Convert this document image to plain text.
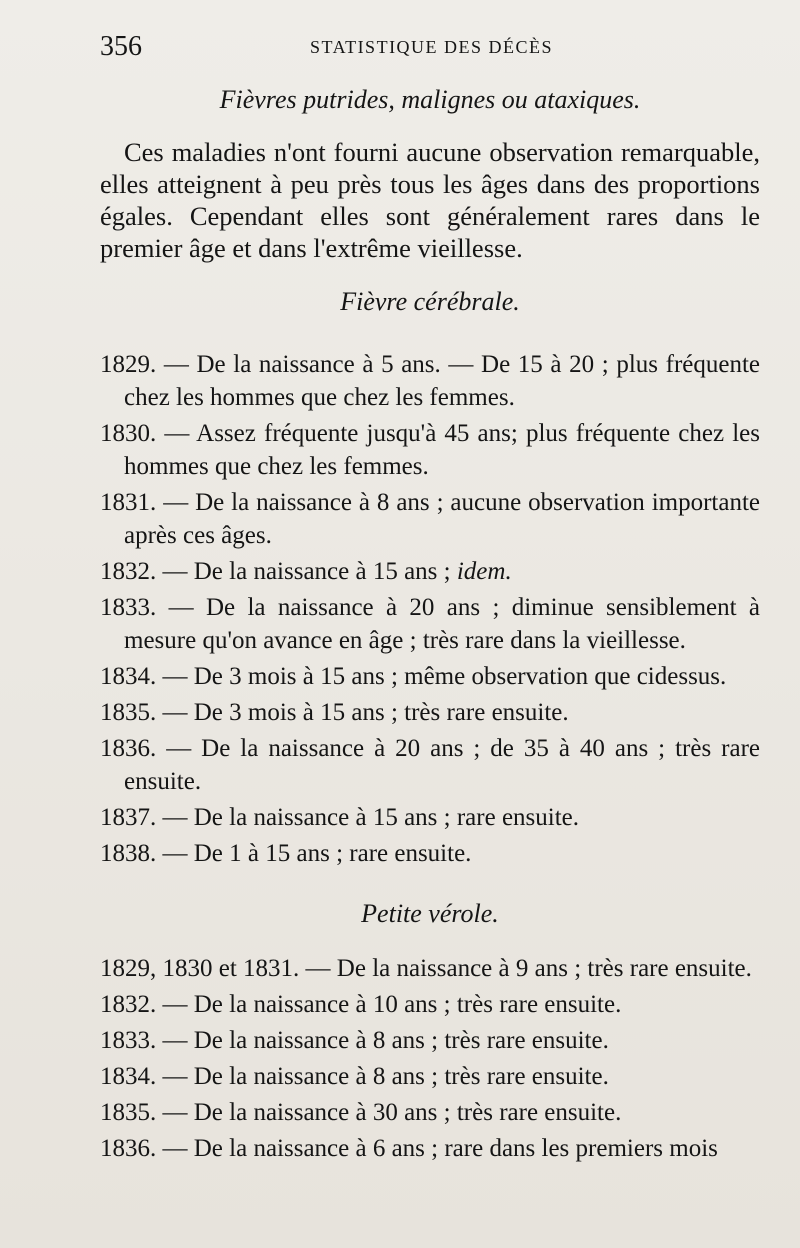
356	STATISTIQUE DES DÉCÈS
Fièvres putrides, malignes ou ataxiques.

Ces maladies n'ont fourni aucune observation remarquable, elles atteignent à peu près tous les âges dans des proportions égales. Cependant elles sont généralement rares dans le premier âge et dans l'extrême vieillesse.

Fièvre cérébrale.

1829. — De la naissance à 5 ans. — De 15 à 20 ; plus fréquente chez les hommes que chez les femmes.

1830. — Assez fréquente jusqu'à 45 ans; plus fréquente chez les hommes que chez les femmes.

1831. — De la naissance à 8 ans ; aucune observation importante après ces âges.

1832. — De la naissance à 15 ans ; idem.

1833. — De la naissance à 20 ans ; diminue sensiblement à mesure qu'on avance en âge ; très rare dans la vieillesse.

1834. — De 3 mois à 15 ans ; même observation que cidessus.

1835. — De 3 mois à 15 ans ; très rare ensuite.

1836. — De la naissance à 20 ans ; de 35 à 40 ans ; très rare ensuite.

1837. — De la naissance à 15 ans ; rare ensuite.

1838. — De 1 à 15 ans ; rare ensuite.

Petite vérole.

1829, 1830 et 1831. — De la naissance à 9 ans ; très rare ensuite.

1832. — De la naissance à 10 ans ; très rare ensuite.

1833. — De la naissance à 8 ans ; très rare ensuite.

1834. — De la naissance à 8 ans ; très rare ensuite.

1835. — De la naissance à 30 ans ; très rare ensuite.

1836. — De la naissance à 6 ans ; rare dans les premiers mois
